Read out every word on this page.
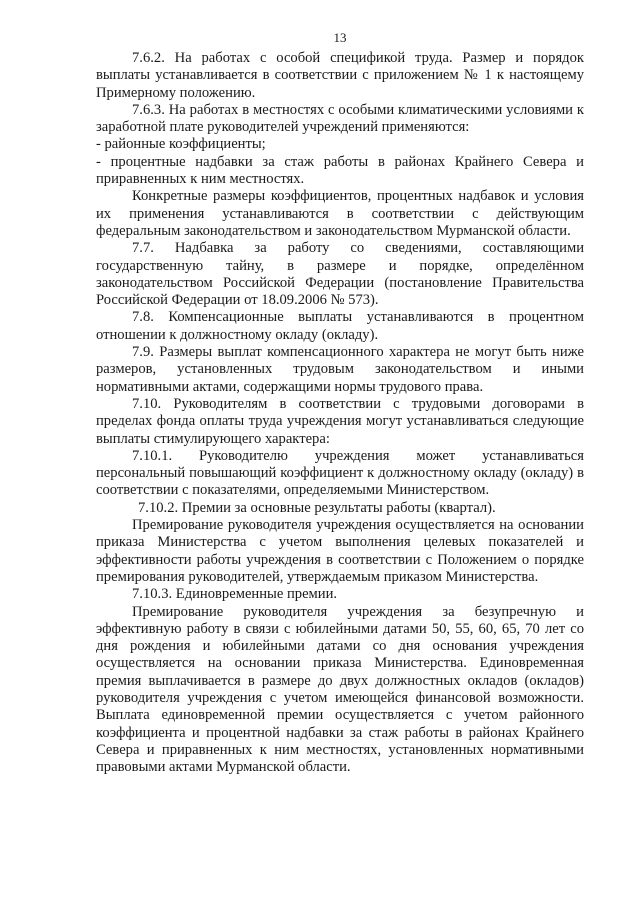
13

7.6.2. На работах с особой спецификой труда. Размер и порядок выплаты устанавливается в соответствии с приложением № 1 к настоящему Примерному положению.

7.6.3. На работах в местностях с особыми климатическими условиями к заработной плате руководителей учреждений применяются:

- районные коэффициенты;

- процентные надбавки за стаж работы в районах Крайнего Севера и приравненных к ним местностях.

Конкретные размеры коэффициентов, процентных надбавок и условия их применения устанавливаются в соответствии с действующим федеральным законодательством и законодательством Мурманской области.

7.7. Надбавка за работу со сведениями, составляющими государственную тайну, в размере и порядке, определённом законодательством Российской Федерации (постановление Правительства Российской Федерации от 18.09.2006 № 573).

7.8. Компенсационные выплаты устанавливаются в процентном отношении к должностному окладу (окладу).

7.9. Размеры выплат компенсационного характера не могут быть ниже размеров, установленных трудовым законодательством и иными нормативными актами, содержащими нормы трудового права.

7.10. Руководителям в соответствии с трудовыми договорами в пределах фонда оплаты труда учреждения могут устанавливаться следующие выплаты стимулирующего характера:

7.10.1. Руководителю учреждения может устанавливаться персональный повышающий коэффициент к должностному окладу (окладу) в соответствии с показателями, определяемыми Министерством.

7.10.2. Премии за основные результаты работы (квартал).

Премирование руководителя учреждения осуществляется на основании приказа Министерства с учетом выполнения целевых показателей и эффективности работы учреждения в соответствии с Положением о порядке премирования руководителей, утверждаемым приказом Министерства.

7.10.3. Единовременные премии.

Премирование руководителя учреждения за безупречную и эффективную работу в связи с юбилейными датами 50, 55, 60, 65, 70 лет со дня рождения и юбилейными датами со дня основания учреждения осуществляется на основании приказа Министерства. Единовременная премия выплачивается в размере до двух должностных окладов (окладов) руководителя учреждения с учетом имеющейся финансовой возможности. Выплата единовременной премии осуществляется с учетом районного коэффициента и процентной надбавки за стаж работы в районах Крайнего Севера и приравненных к ним местностях, установленных нормативными правовыми актами Мурманской области.
